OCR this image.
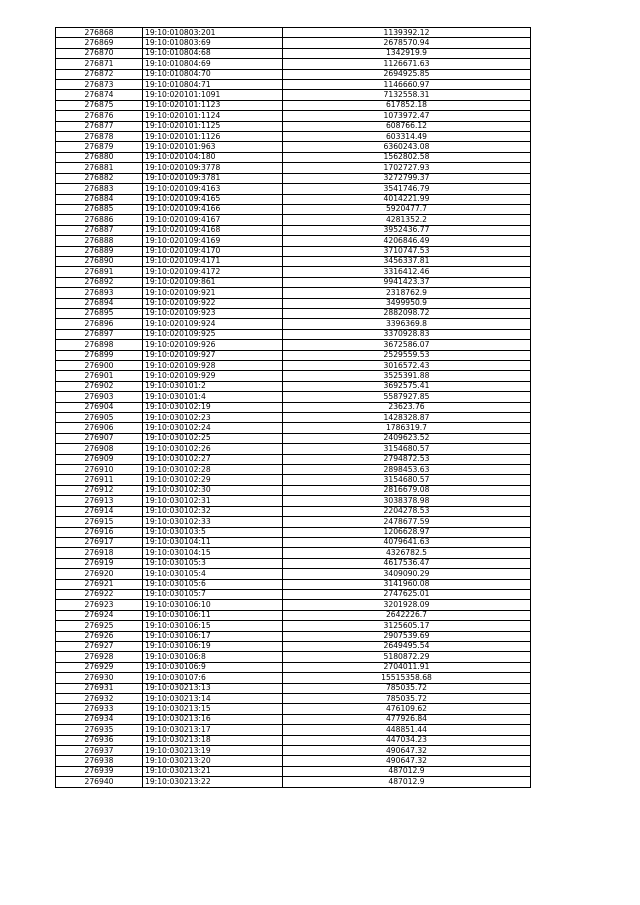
276868	19:10:010803:201	1139392.12
276869	19:10:010803:69	2678570.94
276870	19:10:010804:68	1342919.9
276871	19:10:010804:69	1126671.63
276872	19:10:010804:70	2694925.85
276873	19:10:010804:71	1146660.97
276874	19:10:020101:1091	7132558.31
276875	19:10:020101:1123	617852.18
276876	19:10:020101:1124	1073972.47
276877	19:10:020101:1125	608766.12
276878	19:10:020101:1126	603314.49
276879	19:10:020101:963	6360243.08
276880	19:10:020104:180	1562802.58
276881	19:10:020109:3778	1702727.93
276882	19:10:020109:3781	3272799.37
276883	19:10:020109:4163	3541746.79
276884	19:10:020109:4165	4014221.99
276885	19:10:020109:4166	5920477.7
276886	19:10:020109:4167	4281352.2
276887	19:10:020109:4168	3952436.77
276888	19:10:020109:4169	4206846.49
276889	19:10:020109:4170	3710747.53
276890	19:10:020109:4171	3456337.81
276891	19:10:020109:4172	3316412.46
276892	19:10:020109:861	9941423.37
276893	19:10:020109:921	2318762.9
276894	19:10:020109:922	3499950.9
276895	19:10:020109:923	2882098.72
276896	19:10:020109:924	3396369.8
276897	19:10:020109:925	3370928.83
276898	19:10:020109:926	3672586.07
276899	19:10:020109:927	2529559.53
276900	19:10:020109:928	3016572.43
276901	19:10:020109:929	3525391.88
276902	19:10:030101:2	3692575.41
276903	19:10:030101:4	5587927.85
276904	19:10:030102:19	23623.76
276905	19:10:030102:23	1428328.87
276906	19:10:030102:24	1786319.7
276907	19:10:030102:25	2409623.52
276908	19:10:030102:26	3154680.57
276909	19:10:030102:27	2794872.53
276910	19:10:030102:28	2898453.63
276911	19:10:030102:29	3154680.57
276912	19:10:030102:30	2816679.08
276913	19:10:030102:31	3038378.98
276914	19:10:030102:32	2204278.53
276915	19:10:030102:33	2478677.59
276916	19:10:030103:5	1206628.97
276917	19:10:030104:11	4079641.63
276918	19:10:030104:15	4326782.5
276919	19:10:030105:3	4617536.47
276920	19:10:030105:4	3409090.29
276921	19:10:030105:6	3141960.08
276922	19:10:030105:7	2747625.01
276923	19:10:030106:10	3201928.09
276924	19:10:030106:11	2642226.7
276925	19:10:030106:15	3125605.17
276926	19:10:030106:17	2907539.69
276927	19:10:030106:19	2649495.54
276928	19:10:030106:8	5180872.29
276929	19:10:030106:9	2704011.91
276930	19:10:030107:6	15515358.68
276931	19:10:030213:13	785035.72
276932	19:10:030213:14	785035.72
276933	19:10:030213:15	476109.62
276934	19:10:030213:16	477926.84
276935	19:10:030213:17	448851.44
276936	19:10:030213:18	447034.23
276937	19:10:030213:19	490647.32
276938	19:10:030213:20	490647.32
276939	19:10:030213:21	487012.9
276940	19:10:030213:22	487012.9
